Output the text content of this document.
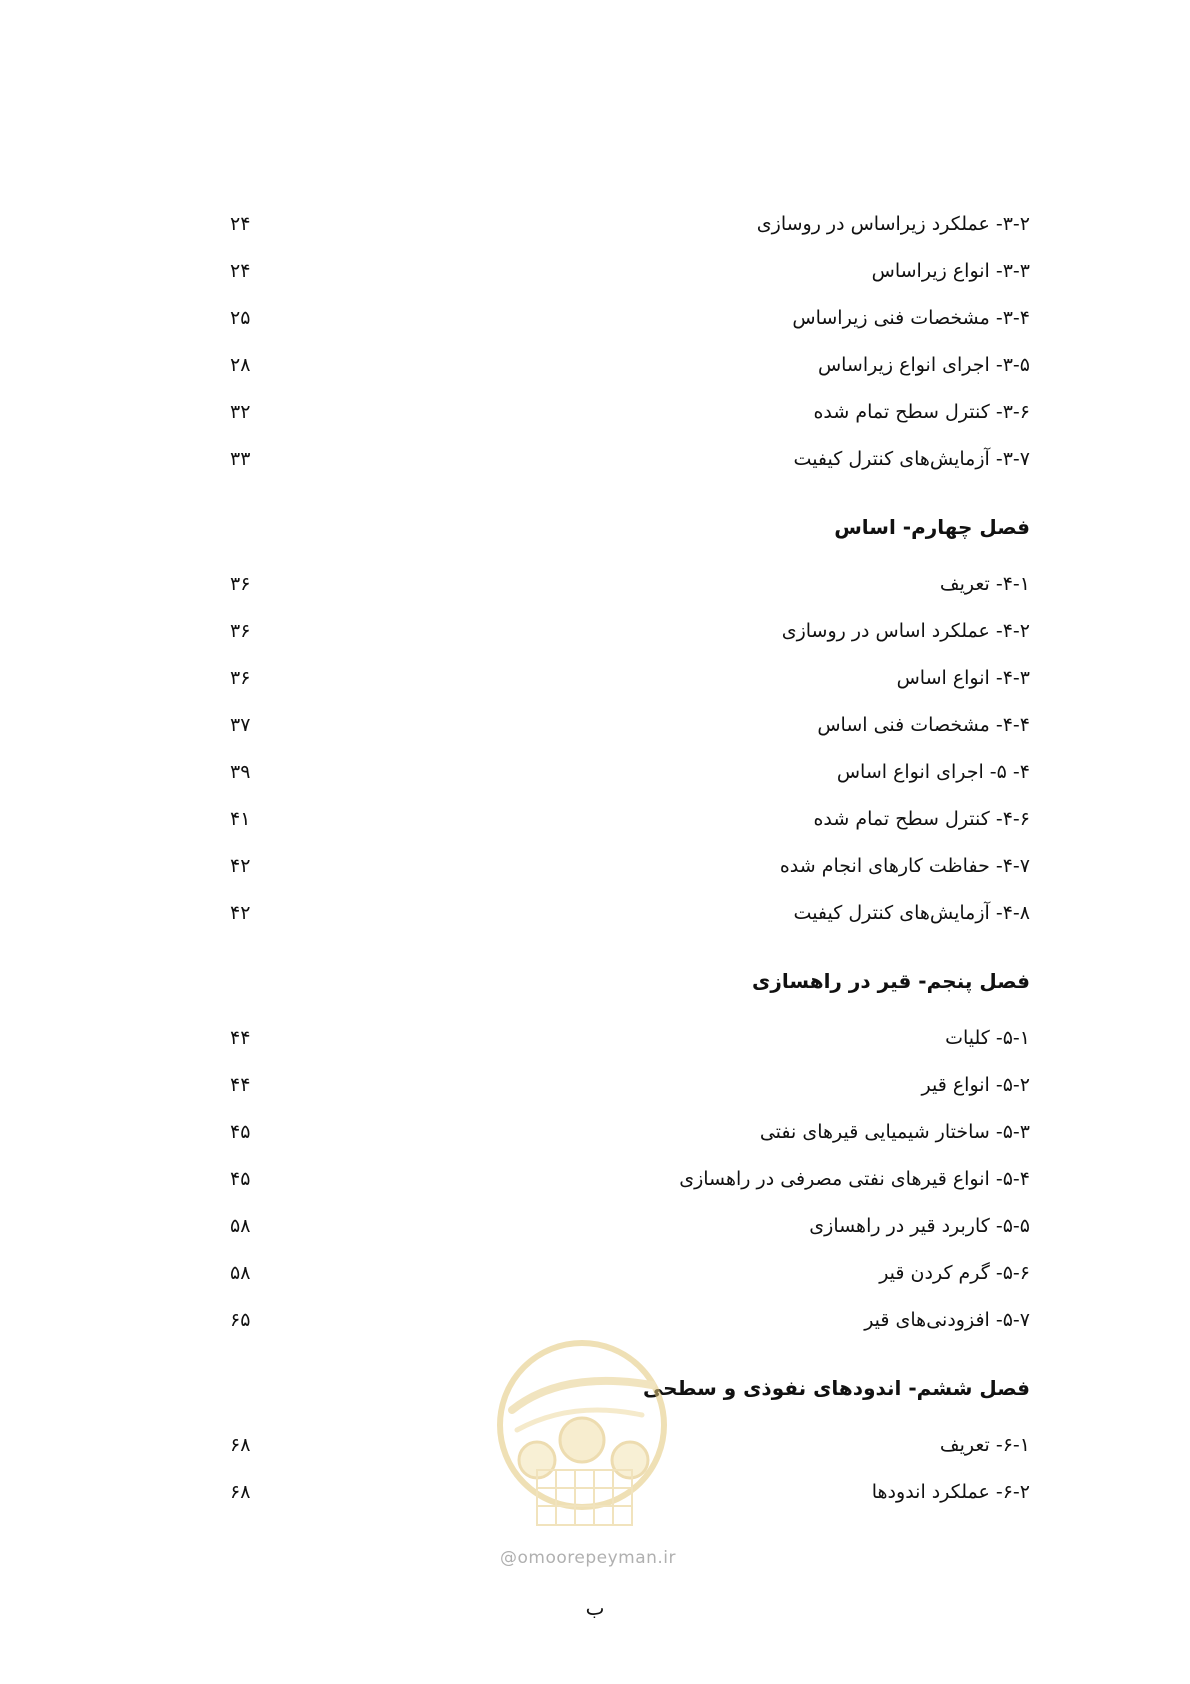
۳-۲- عملکرد زیراساس در روسازی
۲۴
۳-۳- انواع زیراساس
۲۴
۳-۴- مشخصات فنی زیراساس
۲۵
۳-۵- اجرای انواع زیراساس
۲۸
۳-۶- کنترل سطح تمام شده
۳۲
۳-۷- آزمایش‌های کنترل کیفیت
۳۳
فصل چهارم- اساس
۴-۱- تعریف
۳۶
۴-۲- عملکرد اساس در روسازی
۳۶
۴-۳- انواع اساس
۳۶
۴-۴- مشخصات فنی اساس
۳۷
۴- ۵- اجرای انواع اساس
۳۹
۴-۶- کنترل سطح تمام شده
۴۱
۴-۷- حفاظت کارهای انجام شده
۴۲
۴-۸- آزمایش‌های کنترل کیفیت
۴۲
فصل پنجم- قیر در راهسازی
۵-۱- کلیات
۴۴
۵-۲- انواع قیر
۴۴
۵-۳- ساختار شیمیایی قیرهای نفتی
۴۵
۵-۴- انواع قیرهای نفتی مصرفی در راهسازی
۴۵
۵-۵- کاربرد قیر در راهسازی
۵۸
۵-۶- گرم کردن قیر
۵۸
۵-۷- افزودنی‌های قیر
۶۵
فصل ششم- اندودهای نفوذی و سطحی
۶-۱- تعریف
۶۸
۶-۲- عملکرد اندودها
۶۸
@omoorepeyman.ir
ب
